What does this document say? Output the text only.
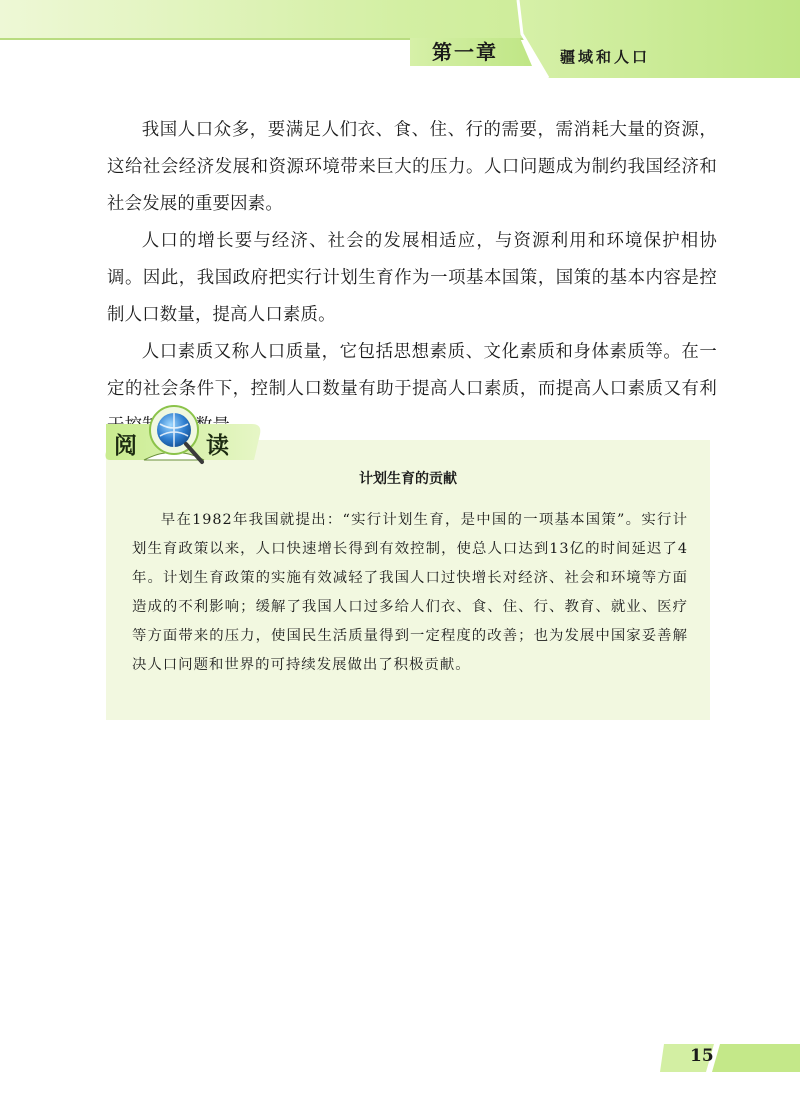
第一章	疆域和人口

我国人口众多，要满足人们衣、食、住、行的需要，需消耗大量的资源，这给社会经济发展和资源环境带来巨大的压力。人口问题成为制约我国经济和社会发展的重要因素。

人口的增长要与经济、社会的发展相适应，与资源利用和环境保护相协调。因此，我国政府把实行计划生育作为一项基本国策，国策的基本内容是控制人口数量，提高人口素质。

人口素质又称人口质量，它包括思想素质、文化素质和身体素质等。在一定的社会条件下，控制人口数量有助于提高人口素质，而提高人口素质又有利

阅	读
计划生育的贡献

早在1982年我国就提出：“实行计划生育，是中国的一项基本国策”。实行计划生育政策以来，人口快速增长得到有效控制，使总人口达到13亿的时间延迟了4年。计划生育政策的实施有效减轻了我国人口过快增长对经济、社会和环境等方面造成的不利影响；缓解了我国人口过多给人们衣、食、住、行、教育、就业、医疗等方面带来的压力，使国民生活质量得到一定程度的改善；也为发展中国家妥善解决人口问题和世界的可持续发展做出了积极贡献。

15
